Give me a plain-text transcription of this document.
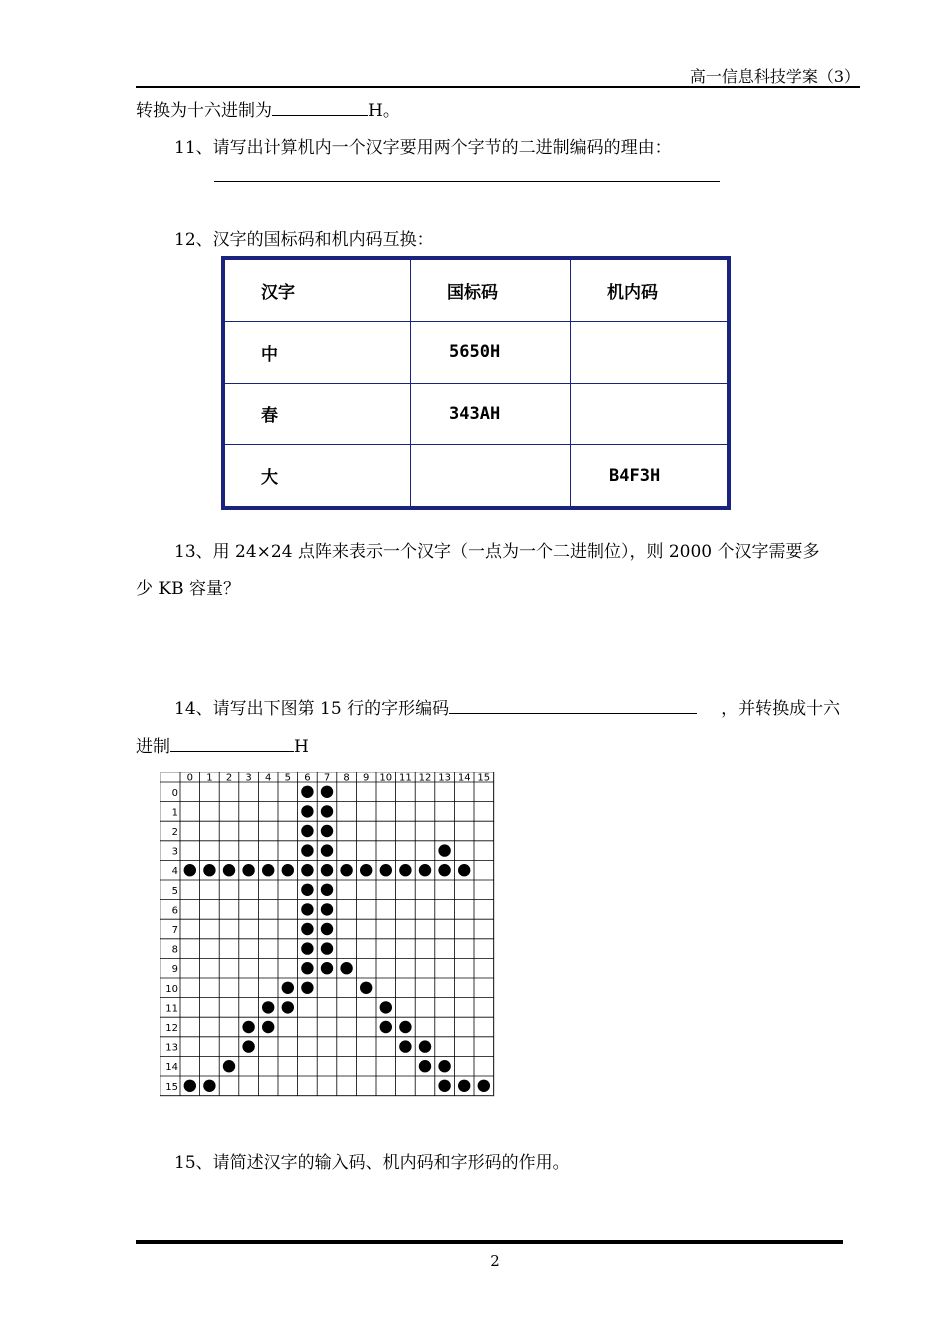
高一信息科技学案（3）
转换为十六进制为	H。
11、请写出计算机内一个汉字要用两个字节的二进制编码的理由：
12、汉字的国标码和机内码互换：
汉字	国标码	机内码
中	5650H	
春	343AH	
大		B4F3H
13、用 24×24 点阵来表示一个汉字（一点为一个二进制位），则 2000 个汉字需要多
少 KB 容量？
14、请写出下图第 15 行的字形编码	，并转换成十六
进制	H
0 1 2 3 4 5 6 7 8 9 10 11 12 13 14 15
0
1
2
3
4
5
6
7
8
9
10
11
12
13
14
15
15、请简述汉字的输入码、机内码和字形码的作用。
2
